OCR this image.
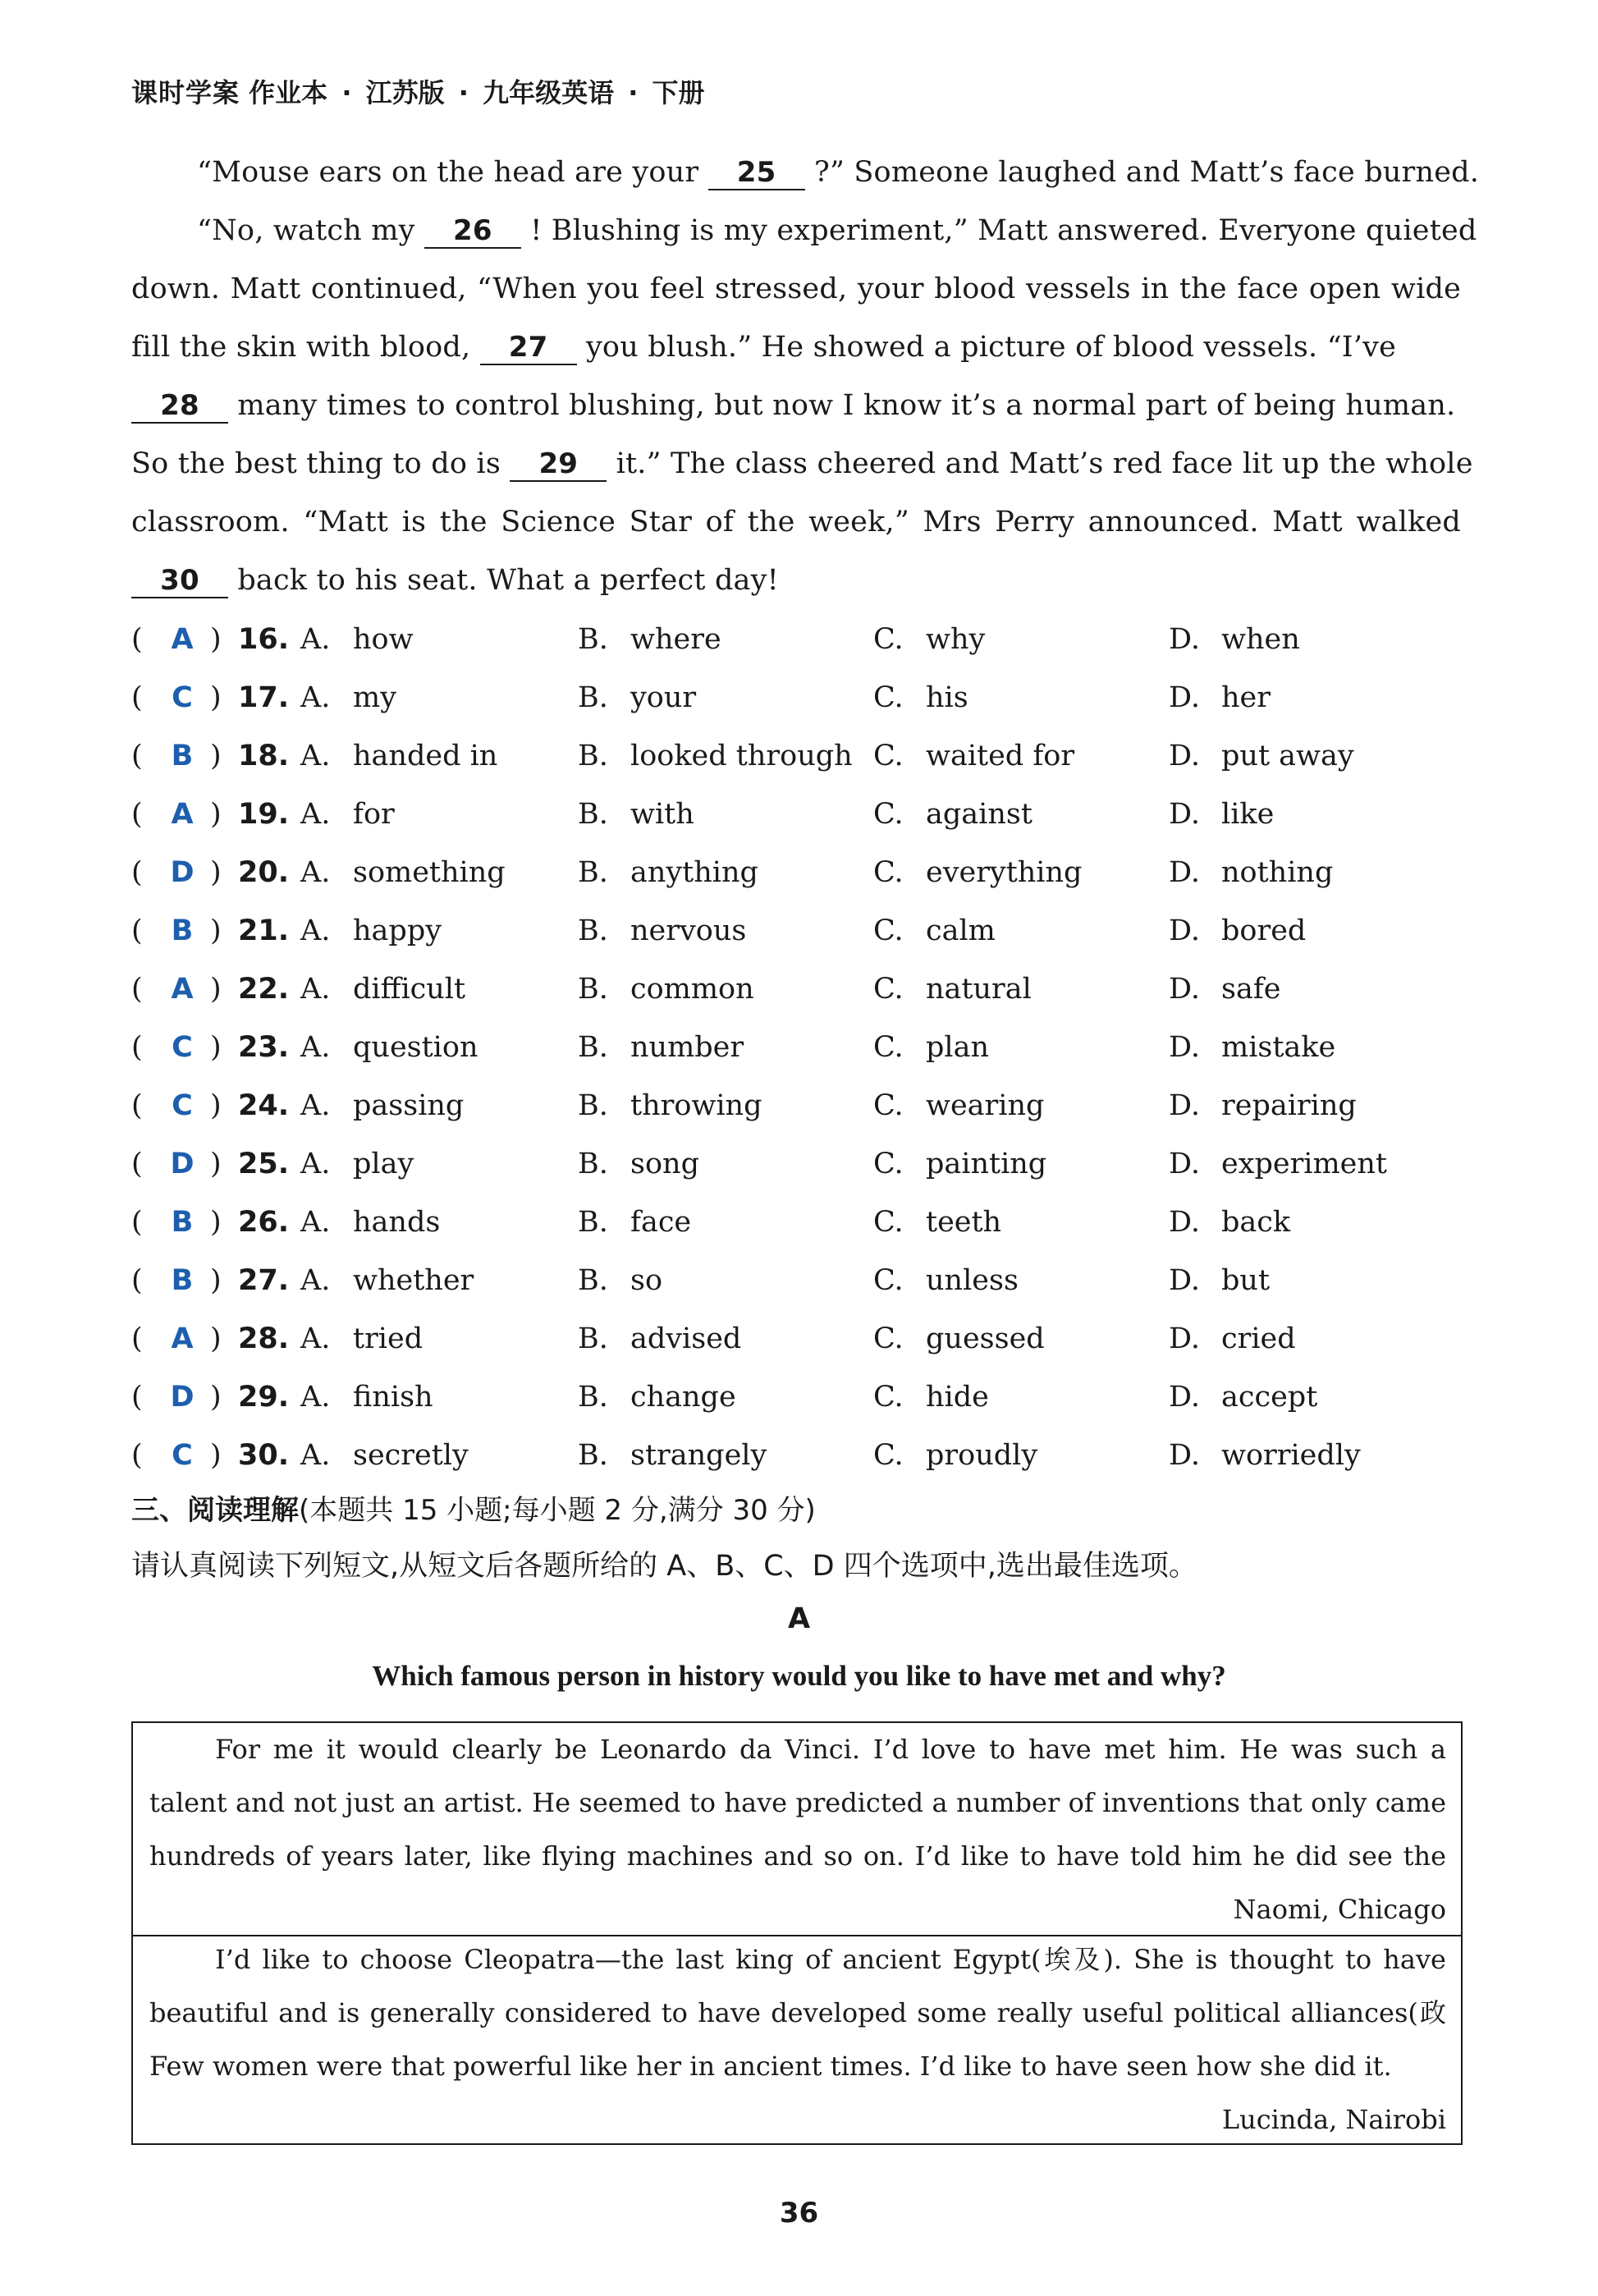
课时学案 作业本 · 江苏版 · 九年级英语 · 下册
“Mouse ears on the head are your 25 ?” Someone laughed and Matt’s face burned.
“No, watch my 26 ! Blushing is my experiment,” Matt answered. Everyone quieted
down. Matt continued, “When you feel stressed, your blood vessels in the face open wide
fill the skin with blood, 27 you blush.” He showed a picture of blood vessels. “I’ve
28 many times to control blushing, but now I know it’s a normal part of being human.
So the best thing to do is 29 it.” The class cheered and Matt’s red face lit up the whole
classroom. “Matt is the Science Star of the week,” Mrs Perry announced. Matt walked
30 back to his seat. What a perfect day!
( A ) 16. A. how	B. where	C. why	D. when
( C ) 17. A. my	B. your	C. his	D. her
( B ) 18. A. handed in	B. looked through C. waited for	D. put away
( A ) 19. A. for	B. with	C. against	D. like
( D ) 20. A. something	B. anything	C. everything	D. nothing
( B ) 21. A. happy	B. nervous	C. calm	D. bored
( A ) 22. A. difficult	B. common	C. natural	D. safe
( C ) 23. A. question	B. number	C. plan	D. mistake
( C ) 24. A. passing	B. throwing	C. wearing	D. repairing
( D ) 25. A. play	B. song	C. painting	D. experiment
( B ) 26. A. hands	B. face	C. teeth	D. back
( B ) 27. A. whether	B. so	C. unless	D. but
( A ) 28. A. tried	B. advised	C. guessed	D. cried
( D ) 29. A. finish	B. change	C. hide	D. accept
( C ) 30. A. secretly	B. strangely	C. proudly	D. worriedly
三、阅读理解(本题共 15 小题;每小题 2 分,满分 30 分)
请认真阅读下列短文,从短文后各题所给的 A、B、C、D 四个选项中,选出最佳选项。
A
Which famous person in history would you like to have met and why?
For me it would clearly be Leonardo da Vinci. I’d love to have met him. He was such a
talent and not just an artist. He seemed to have predicted a number of inventions that only came
hundreds of years later, like flying machines and so on. I’d like to have told him he did see the
Naomi, Chicago
I’d like to choose Cleopatra—the last king of ancient Egypt(埃及). She is thought to have
beautiful and is generally considered to have developed some really useful political alliances(政
Few women were that powerful like her in ancient times. I’d like to have seen how she did it.
Lucinda, Nairobi
36
